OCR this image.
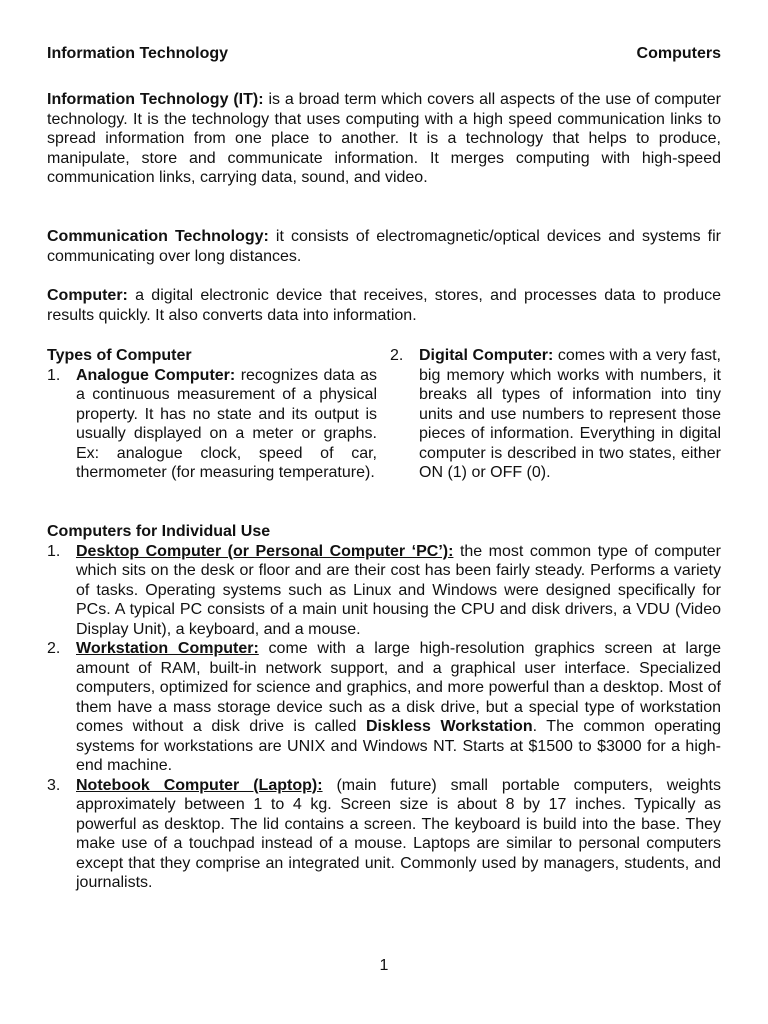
Information Technology	Computers

Information Technology (IT): is a broad term which covers all aspects of the use of computer technology. It is the technology that uses computing with a high speed communication links to spread information from one place to another. It is a technology that helps to produce, manipulate, store and communicate information. It merges computing with high-speed communication links, carrying data, sound, and video.

Communication Technology: it consists of electromagnetic/optical devices and systems fir communicating over long distances.

Computer: a digital electronic device that receives, stores, and processes data to produce results quickly. It also converts data into information.

Types of Computer
1. Analogue Computer: recognizes data as a continuous measurement of a physical property. It has no state and its output is usually displayed on a meter or graphs. Ex: analogue clock, speed of car, thermometer (for measuring temperature).
2. Digital Computer: comes with a very fast, big memory which works with numbers, it breaks all types of information into tiny units and use numbers to represent those pieces of information. Everything in digital computer is described in two states, either ON (1) or OFF (0).
Computers for Individual Use
1. Desktop Computer (or Personal Computer ‘PC’): the most common type of computer which sits on the desk or floor and are their cost has been fairly steady. Performs a variety of tasks. Operating systems such as Linux and Windows were designed specifically for PCs. A typical PC consists of a main unit housing the CPU and disk drivers, a VDU (Video Display Unit), a keyboard, and a mouse.
2. Workstation Computer: come with a large high-resolution graphics screen at large amount of RAM, built-in network support, and a graphical user interface. Specialized computers, optimized for science and graphics, and more powerful than a desktop. Most of them have a mass storage device such as a disk drive, but a special type of workstation comes without a disk drive is called Diskless Workstation. The common operating systems for workstations are UNIX and Windows NT. Starts at $1500 to $3000 for a high-end machine.
3. Notebook Computer (Laptop): (main future) small portable computers, weights approximately between 1 to 4 kg. Screen size is about 8 by 17 inches. Typically as powerful as desktop. The lid contains a screen. The keyboard is build into the base. They make use of a touchpad instead of a mouse. Laptops are similar to personal computers except that they comprise an integrated unit. Commonly used by managers, students, and journalists.
1
